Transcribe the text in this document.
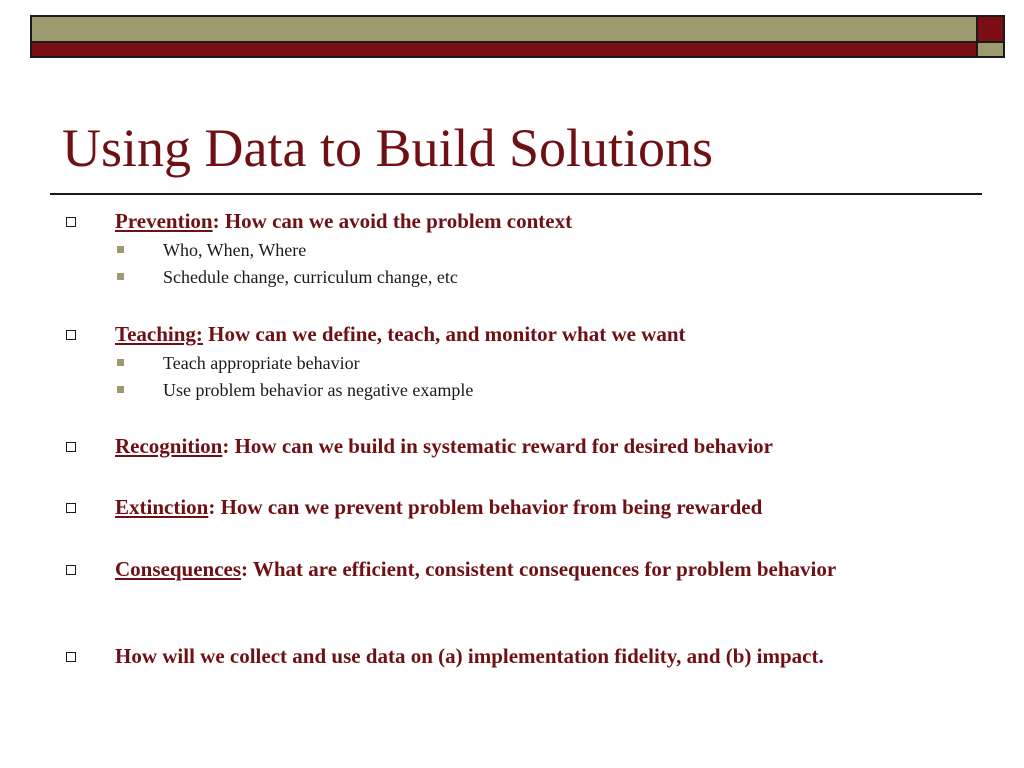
Using Data to Build Solutions
Prevention: How can we avoid the problem context
Who, When, Where
Schedule change, curriculum change, etc
Teaching: How can we define, teach, and monitor what we want
Teach appropriate behavior
Use problem behavior as negative example
Recognition: How can we build in systematic reward for desired behavior
Extinction: How can we prevent problem behavior from being rewarded
Consequences: What are efficient, consistent consequences for problem behavior
How will we collect and use data on (a) implementation fidelity, and (b) impact.
